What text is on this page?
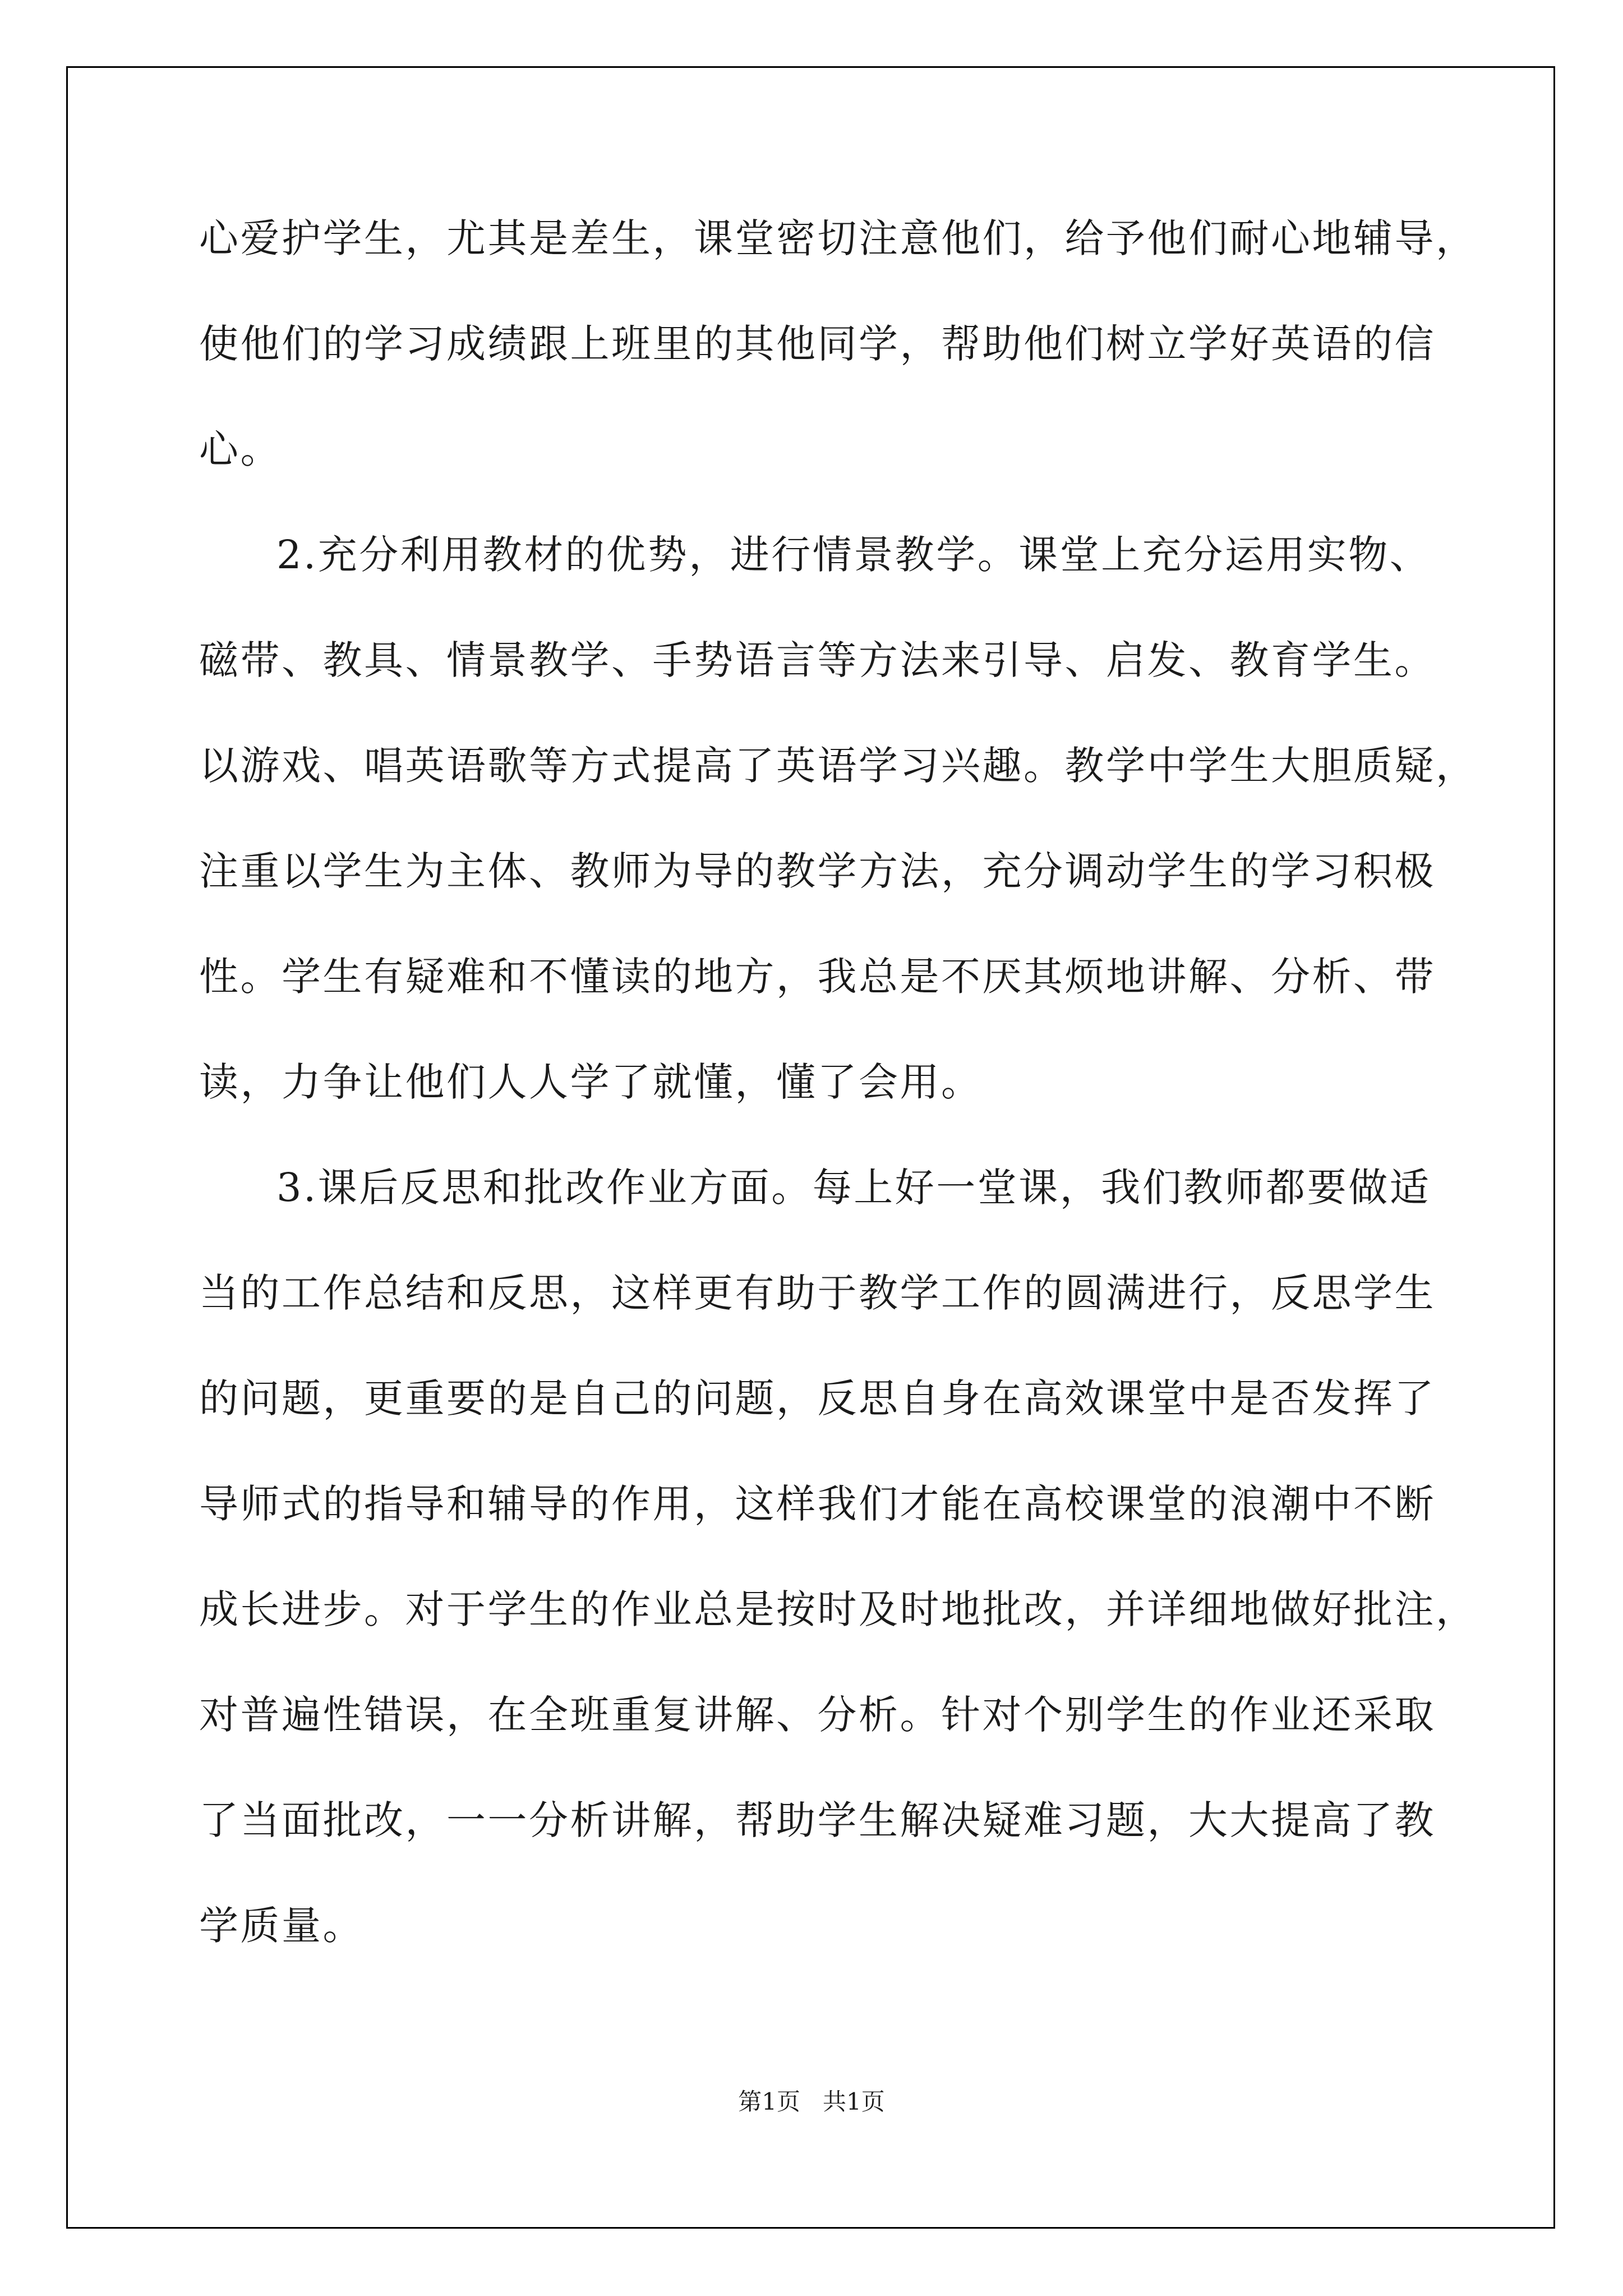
心爱护学生，尤其是差生，课堂密切注意他们，给予他们耐心地辅导，
使他们的学习成绩跟上班里的其他同学，帮助他们树立学好英语的信
心。
2.充分利用教材的优势，进行情景教学。课堂上充分运用实物、
磁带、教具、情景教学、手势语言等方法来引导、启发、教育学生。
以游戏、唱英语歌等方式提高了英语学习兴趣。教学中学生大胆质疑，
注重以学生为主体、教师为导的教学方法，充分调动学生的学习积极
性。学生有疑难和不懂读的地方，我总是不厌其烦地讲解、分析、带
读，力争让他们人人学了就懂，懂了会用。
3.课后反思和批改作业方面。每上好一堂课，我们教师都要做适
当的工作总结和反思，这样更有助于教学工作的圆满进行，反思学生
的问题，更重要的是自己的问题，反思自身在高效课堂中是否发挥了
导师式的指导和辅导的作用，这样我们才能在高校课堂的浪潮中不断
成长进步。对于学生的作业总是按时及时地批改，并详细地做好批注，
对普遍性错误，在全班重复讲解、分析。针对个别学生的作业还采取
了当面批改，一一分析讲解，帮助学生解决疑难习题，大大提高了教
学质量。
第1页   共1页
